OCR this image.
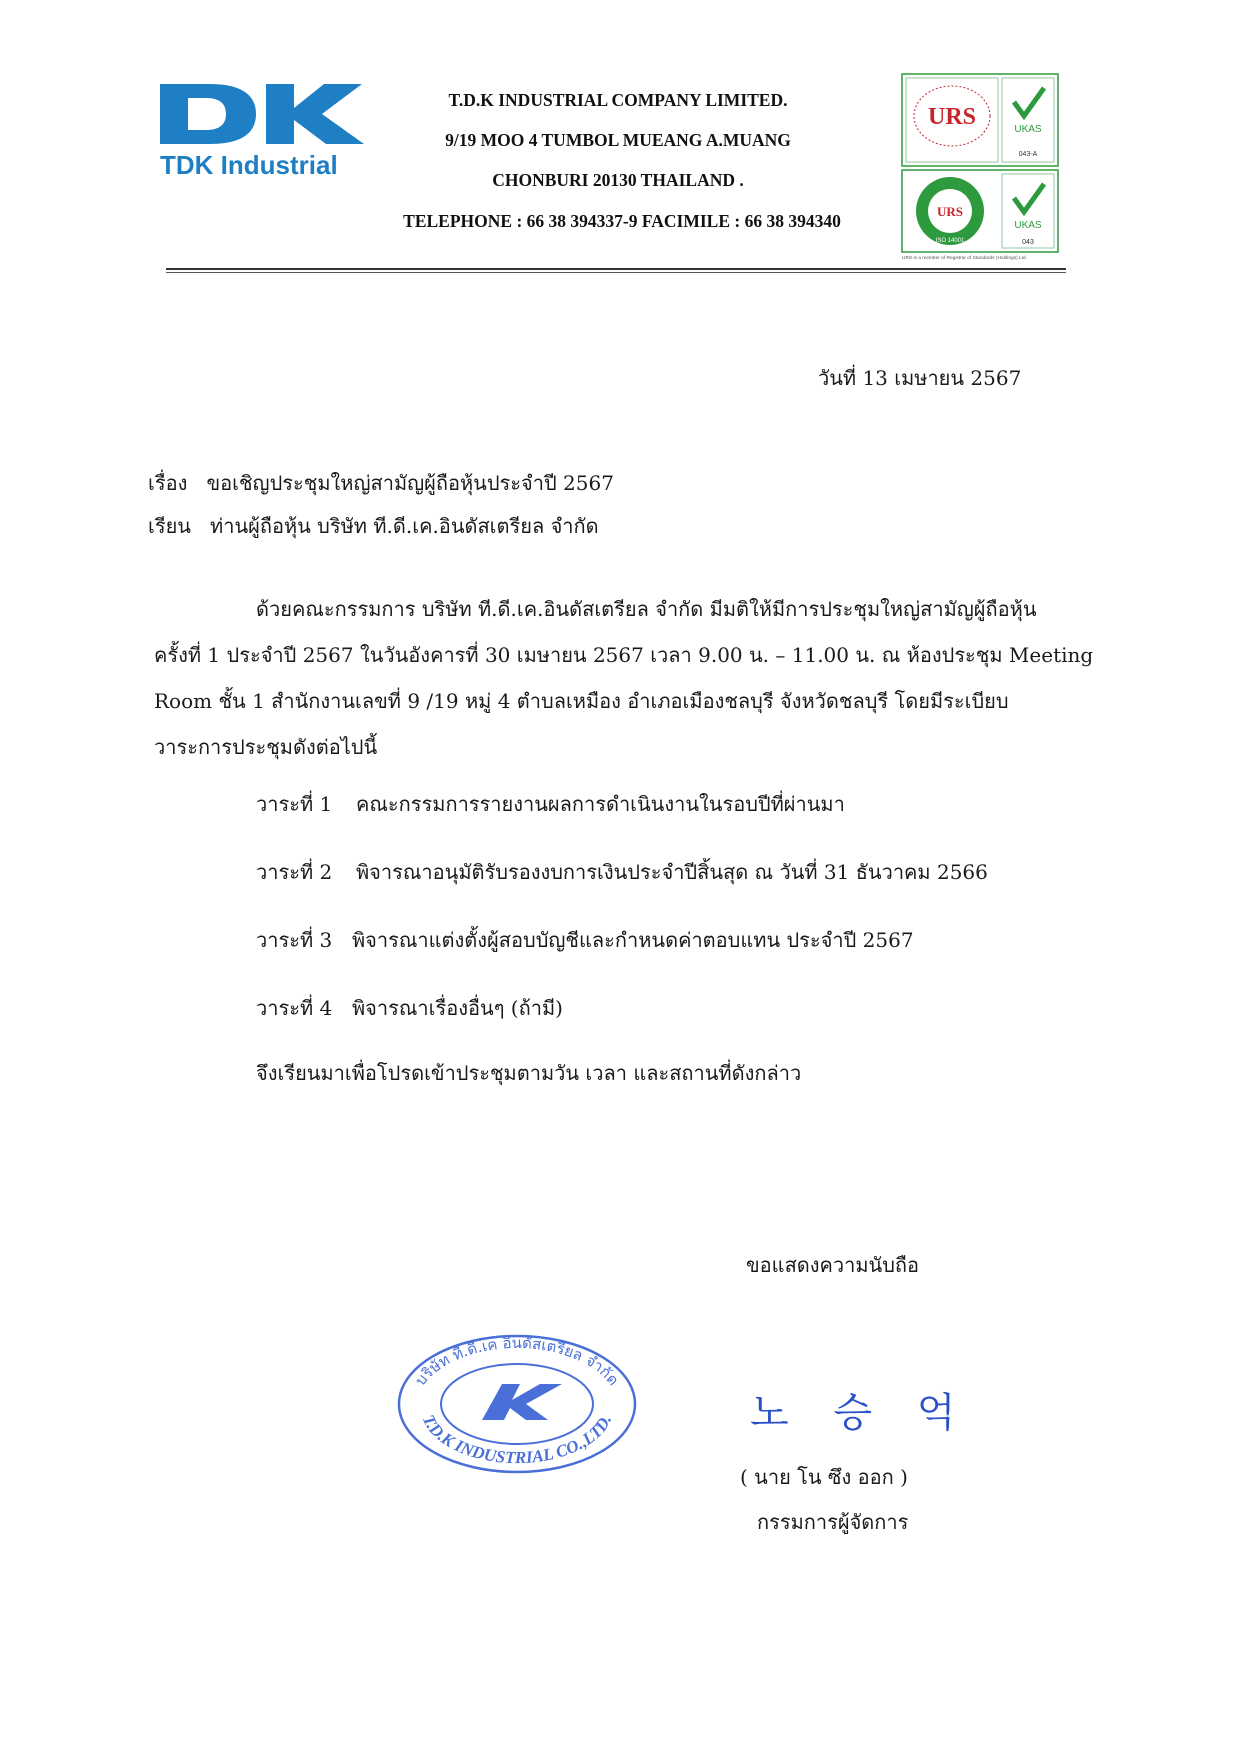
TDK Industrial
T.D.K INDUSTRIAL COMPANY LIMITED.
9/19 MOO 4 TUMBOL MUEANG A.MUANG
CHONBURI 20130 THAILAND .
TELEPHONE : 66 38 394337-9 FACIMILE : 66 38 394340
URS	UKAS
043-A
URS
ISO 14001
UKAS
043
URS is a member of Registrar of Standards (Holdings) Ltd.
วันที่ 13 เมษายน 2567
เรื่อง ขอเชิญประชุมใหญ่สามัญผู้ถือหุ้นประจำปี 2567
เรียน ท่านผู้ถือหุ้น บริษัท ที.ดี.เค.อินดัสเตรียล จำกัด

ด้วยคณะกรรมการ บริษัท ที.ดี.เค.อินดัสเตรียล จำกัด มีมติให้มีการประชุมใหญ่สามัญผู้ถือหุ้น

ครั้งที่ 1 ประจำปี 2567 ในวันอังคารที่ 30 เมษายน 2567 เวลา 9.00 น. – 11.00 น. ณ ห้องประชุม Meeting

Room ชั้น 1 สำนักงานเลขที่ 9 /19 หมู่ 4 ตำบลเหมือง อำเภอเมืองชลบุรี จังหวัดชลบุรี โดยมีระเบียบ

วาระการประชุมดังต่อไปนี้

วาระที่ 1 คณะกรรมการรายงานผลการดำเนินงานในรอบปีที่ผ่านมา
วาระที่ 2 พิจารณาอนุมัติรับรองงบการเงินประจำปีสิ้นสุด ณ วันที่ 31 ธันวาคม 2566
วาระที่ 3 พิจารณาแต่งตั้งผู้สอบบัญชีและกำหนดค่าตอบแทน ประจำปี 2567
วาระที่ 4 พิจารณาเรื่องอื่นๆ (ถ้ามี)
จึงเรียนมาเพื่อโปรดเข้าประชุมตามวัน เวลา และสถานที่ดังกล่าว
ขอแสดงความนับถือ
노 승 억
( นาย โน ซึง ออก )
กรรมการผู้จัดการ
บริษัท ที.ดี.เค อินดัสเตรียล จำกัด
T.D.K INDUSTRIAL CO.,LTD.
